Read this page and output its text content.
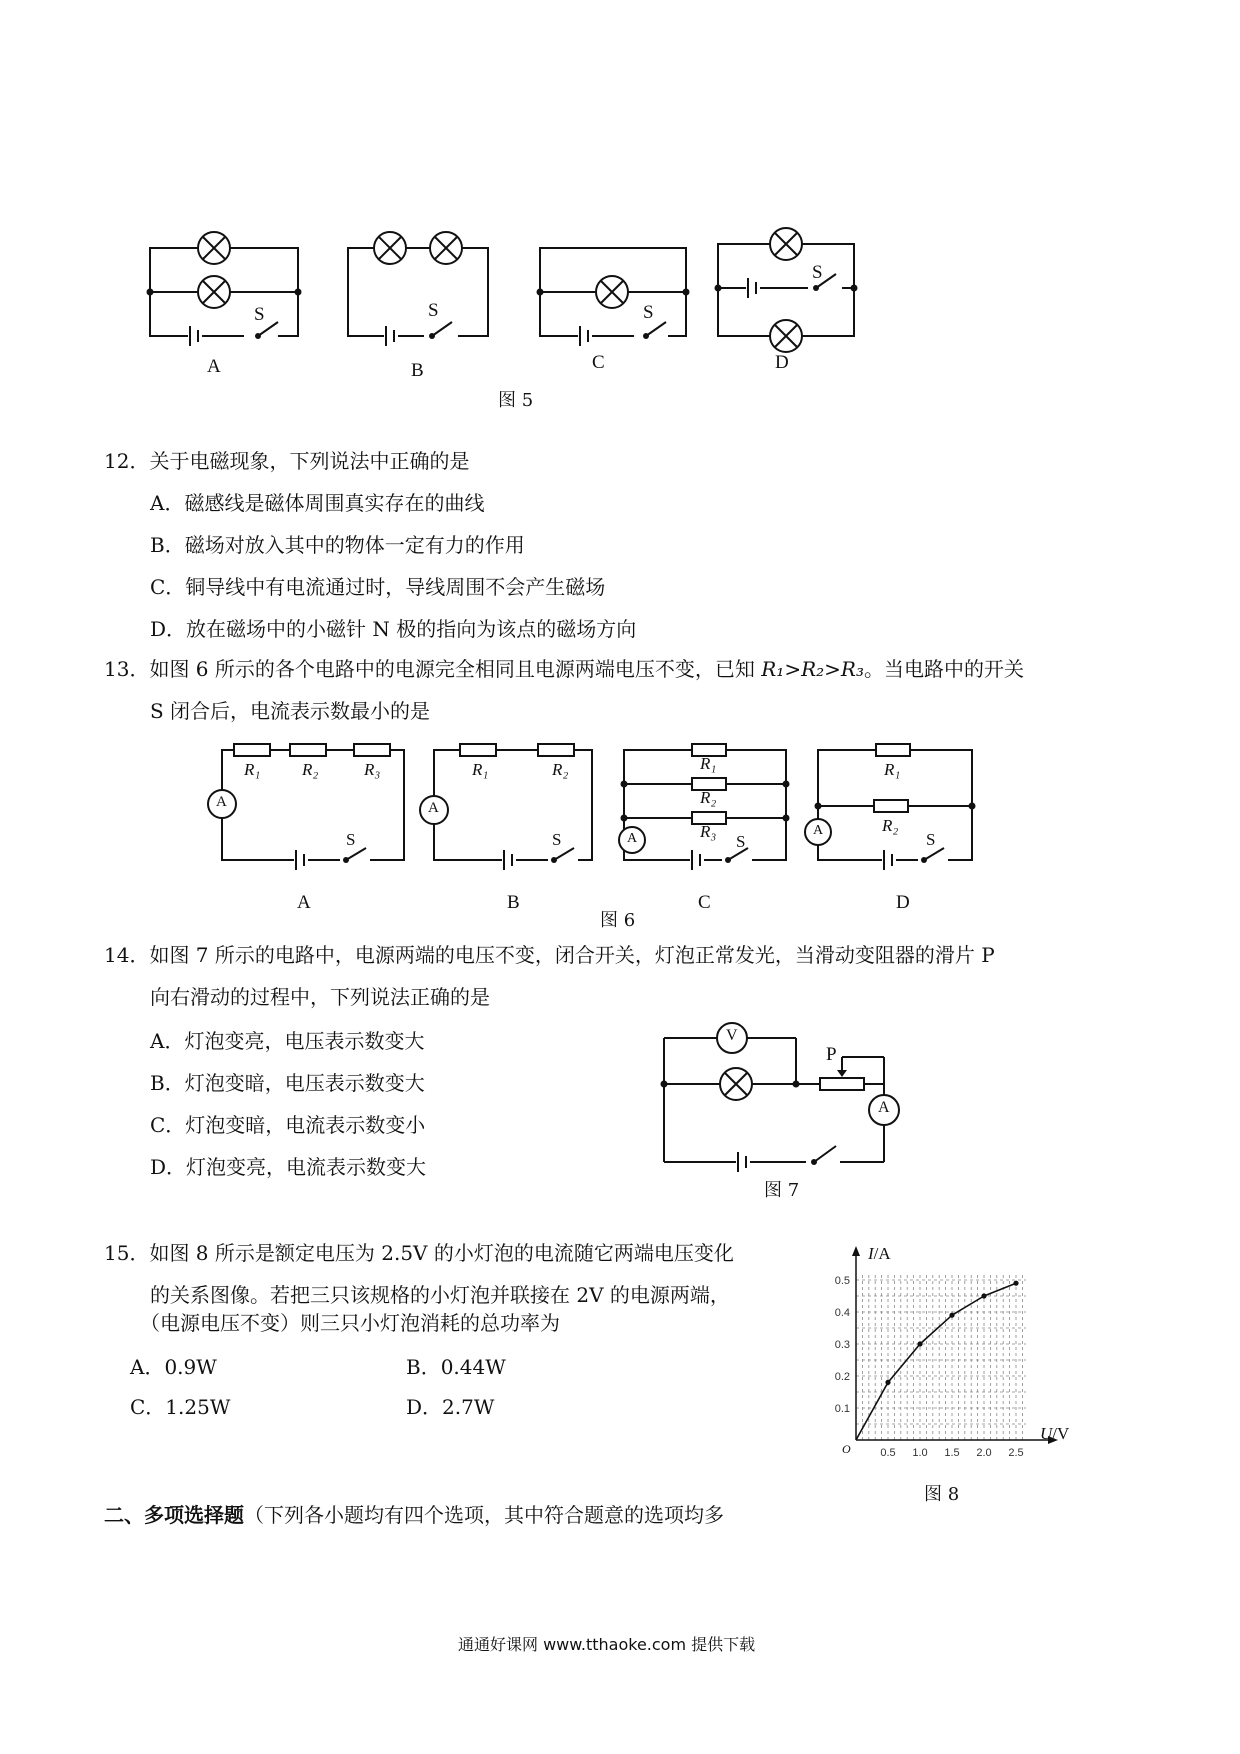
S	S	S
S
A	B	C	D
图 5
12．关于电磁现象，下列说法中正确的是
A．磁感线是磁体周围真实存在的曲线
B．磁场对放入其中的物体一定有力的作用
C．铜导线中有电流通过时，导线周围不会产生磁场
D．放在磁场中的小磁针 N 极的指向为该点的磁场方向
13．如图 6 所示的各个电路中的电源完全相同且电源两端电压不变，已知 R₁>R₂>R₃。当电路中的开关
S 闭合后，电流表示数最小的是
R₁ R₂	R₃
A
S
R₁	R₂
A
S
R₁
R₂
R₃
A	S
R₁
R₂
A	S
A	B
图 6
C	D
14．如图 7 所示的电路中，电源两端的电压不变，闭合开关，灯泡正常发光，当滑动变阻器的滑片 P
向右滑动的过程中，下列说法正确的是
A．灯泡变亮，电压表示数变大
B．灯泡变暗，电压表示数变大
C．灯泡变暗，电流表示数变小
D．灯泡变亮，电流表示数变大
V
A
P
图 7
15．如图 8 所示是额定电压为 2.5V 的小灯泡的电流随它两端电压变化
的关系图像。若把三只该规格的小灯泡并联接在 2V 的电源两端，
（电源电压不变）则三只小灯泡消耗的总功率为
A．0.9W	B．0.44W
C．1.25W	D．2.7W
0.5 1.0 1.5 2.0 2.5
0.1
0.2
0.3
0.4
0.5
I/A
U/V
O
图 8
二、多项选择题（下列各小题均有四个选项，其中符合题意的选项均多
通通好课网 www.tthaoke.com 提供下载
